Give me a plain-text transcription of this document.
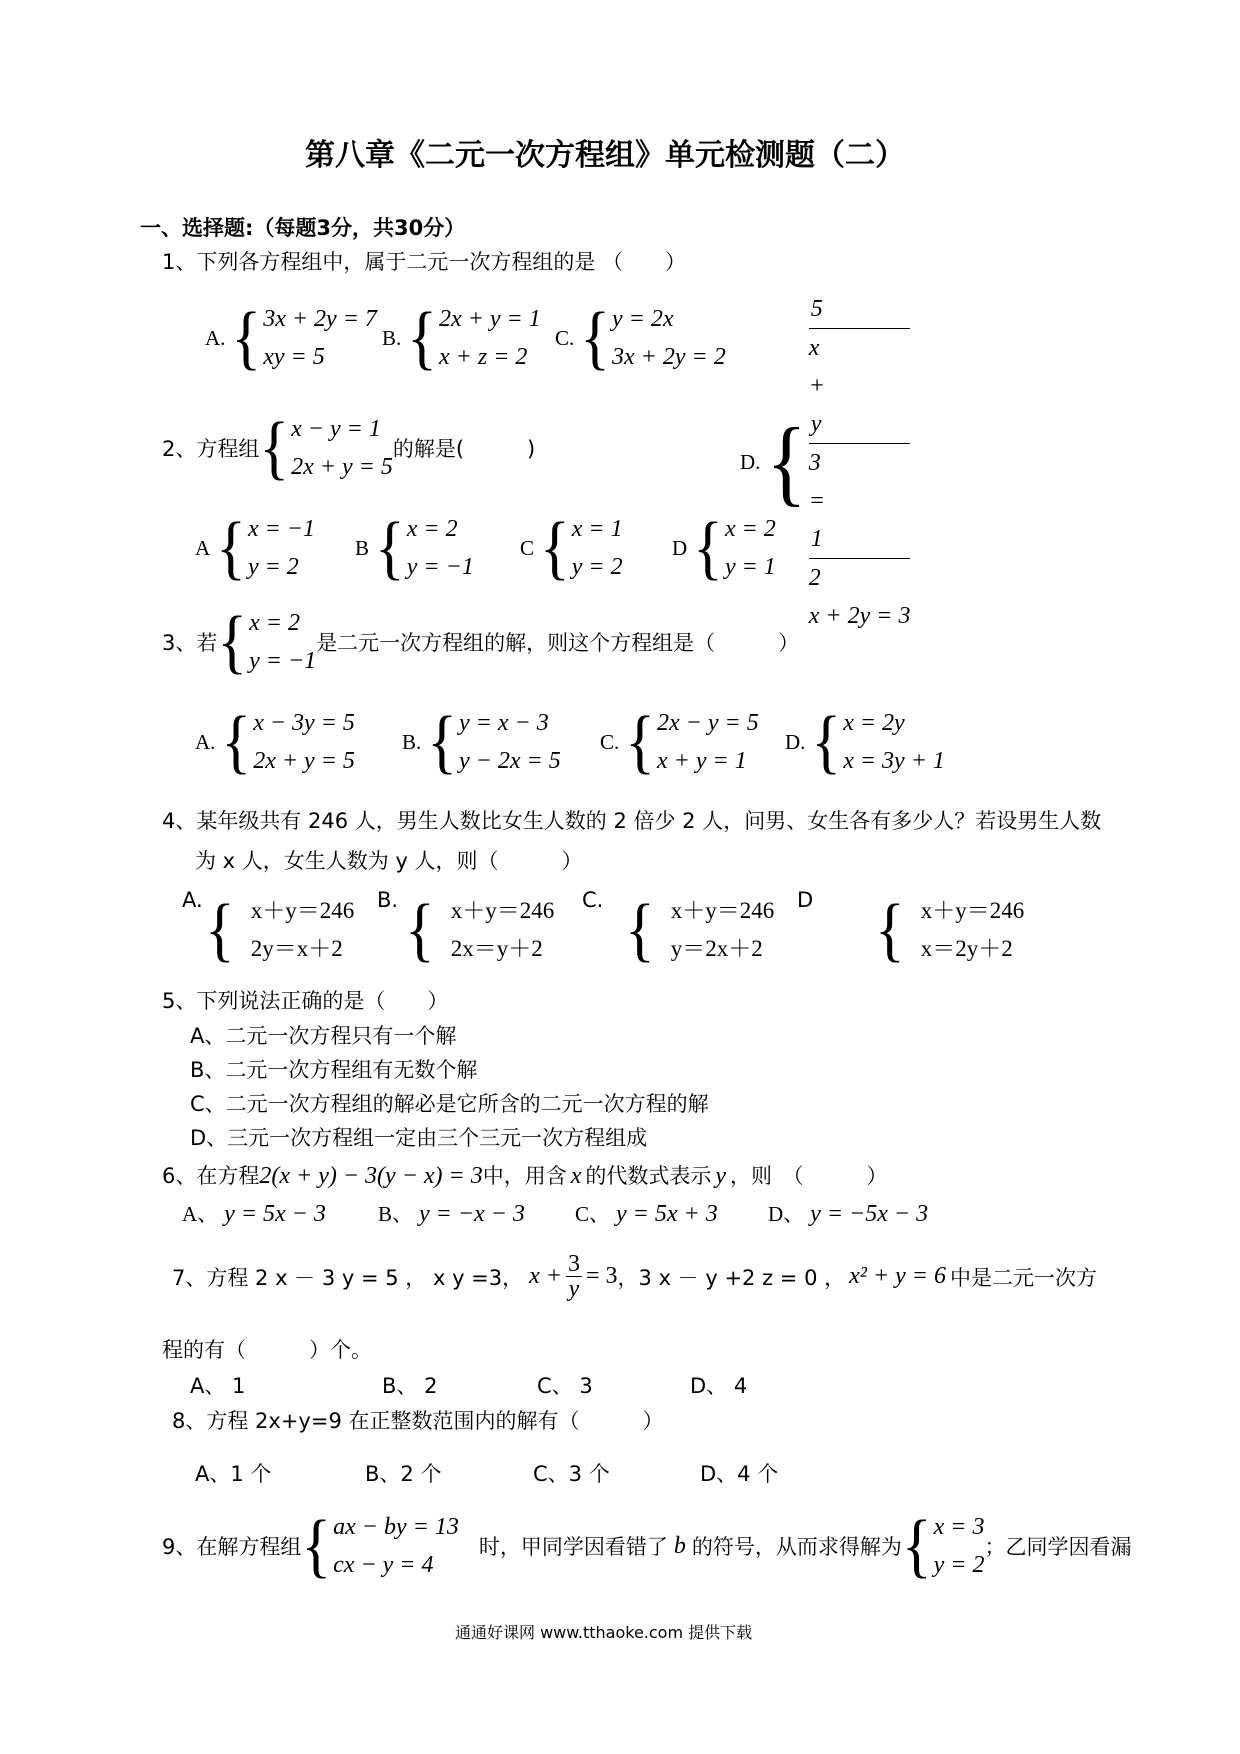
第八章《二元一次方程组》单元检测题（二）
一、选择题:（每题3分，共30分）
1、下列各方程组中，属于二元一次方程组的是 （　　）
A. { 3x + 2y = 7
xy = 5
B. { 2x + y = 1
x + z = 2
C. { y = 2x
3x + 2y = 2
D. {
5
x
+
y
3
=
1
2
x + 2y = 3
2、方程组 { x − y = 1
2x + y = 5
的解是(　　　)
A { x = −1
y = 2
B { x = 2
y = −1
C { x = 1
y = 2
D { x = 2
y = 1
3、若 { x = 2
y = −1
是二元一次方程组的解，则这个方程组是（　　　）
A. { x − 3y = 5
2x + y = 5
B. { y = x − 3
y − 2x = 5
C. { 2x − y = 5
x + y = 1
D. { x = 2y
x = 3y + 1
4、某年级共有 246 人，男生人数比女生人数的 2 倍少 2 人，问男、女生各有多少人？若设男生人数
为 x 人，女生人数为 y 人，则（　　　）
A. { x＋y＝246
2y＝x＋2
B. { x＋y＝246
2x＝y＋2
C. { x＋y＝246
y＝2x＋2
D { x＋y＝246
x＝2y＋2
5、下列说法正确的是（　　）
A、二元一次方程只有一个解
B、二元一次方程组有无数个解
C、二元一次方程组的解必是它所含的二元一次方程的解
D、三元一次方程组一定由三个三元一次方程组成
6、在方程 2(x + y) − 3(y − x) = 3 中，用含 x 的代数式表示 y ，则　（　　　）
A、 y = 5x − 3 B、 y = −x − 3 C、 y = 5x + 3 D、 y = −5x − 3
7、方程 2 x － 3 y = 5 ， x y =3， $x + \frac{3}{y} = 3$ ，3 x － y +2 z = 0 ， x² + y = 6 中是二元一次方
程的有（　　　）个。
A、 1	B、 2	C、 3	D、 4
8、方程 2x+y=9 在正整数范围内的解有（　　　）
A、1 个	B、2 个	C、3 个	D、4 个
9、在解方程组 { ax − by = 13
cx − y = 4
时，甲同学因看错了 b 的符号，从而求得解为 { x = 3
y = 2
；乙同学因看漏
通通好课网 www.tthaoke.com 提供下载
